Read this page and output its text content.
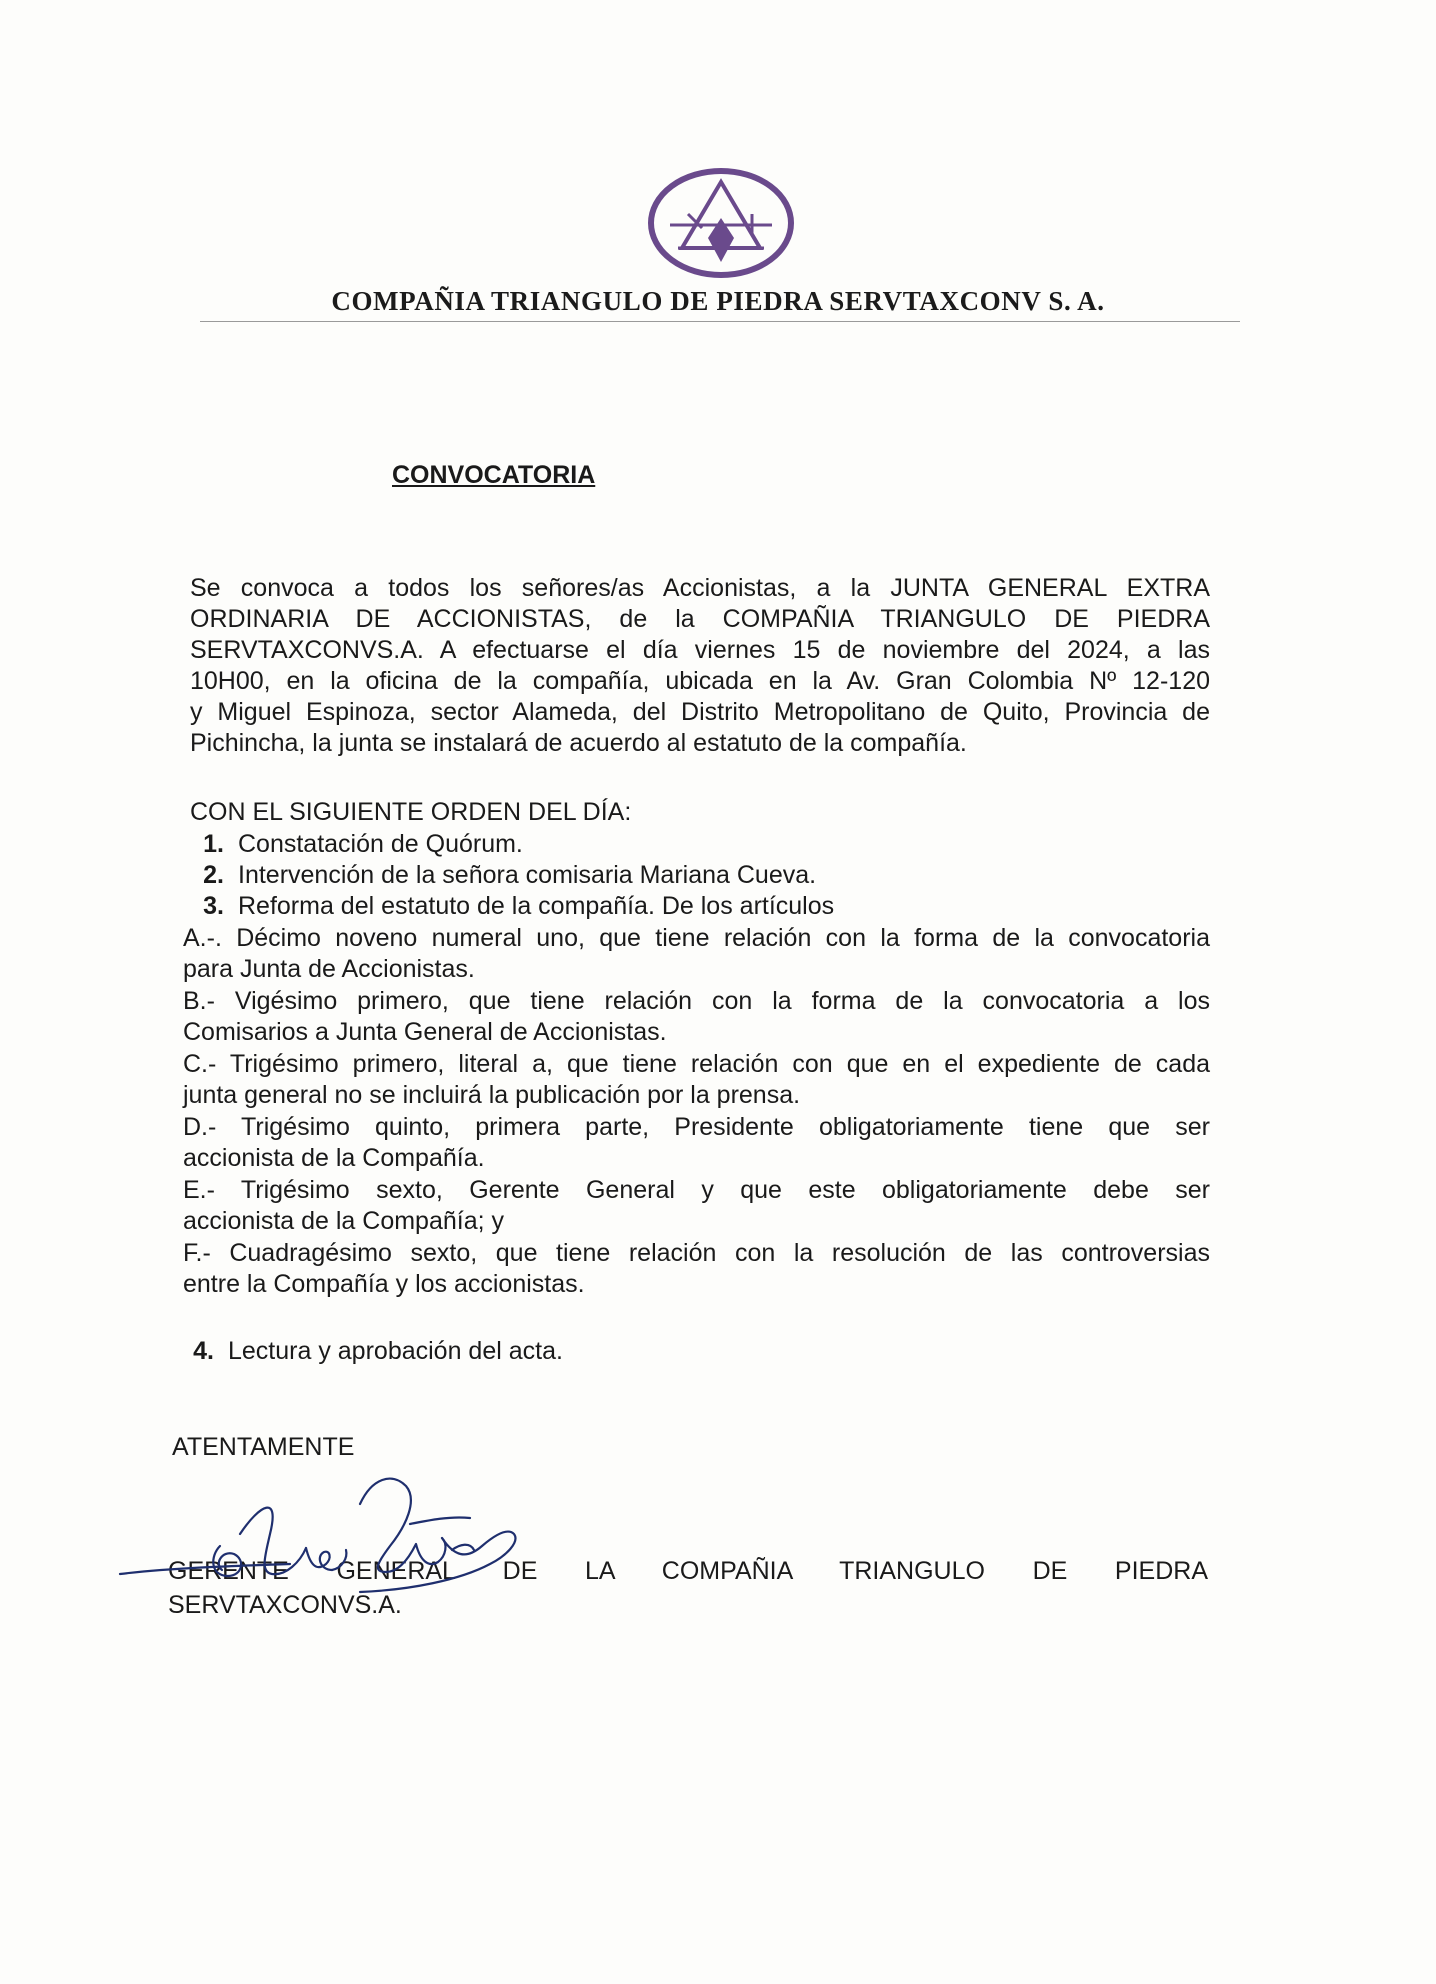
COMPAÑIA TRIANGULO DE PIEDRA SERVTAXCONV S. A.
CONVOCATORIA
Se convoca a todos los señores/as Accionistas, a la JUNTA GENERAL EXTRA
ORDINARIA DE ACCIONISTAS, de la COMPAÑIA TRIANGULO DE PIEDRA
SERVTAXCONVS.A. A efectuarse el día viernes 15 de noviembre del 2024, a las
10H00, en la oficina de la compañía, ubicada en la Av. Gran Colombia Nº 12-120
y Miguel Espinoza, sector Alameda, del Distrito Metropolitano de Quito, Provincia de
Pichincha, la junta se instalará de acuerdo al estatuto de la compañía.
CON EL SIGUIENTE ORDEN DEL DÍA:
1. Constatación de Quórum.
2. Intervención de la señora comisaria Mariana Cueva.
3. Reforma del estatuto de la compañía. De los artículos
A.-. Décimo noveno numeral uno, que tiene relación con la forma de la convocatoria
para Junta de Accionistas.
B.- Vigésimo primero, que tiene relación con la forma de la convocatoria a los
Comisarios a Junta General de Accionistas.
C.- Trigésimo primero, literal a, que tiene relación con que en el expediente de cada
junta general no se incluirá la publicación por la prensa.
D.- Trigésimo quinto, primera parte, Presidente obligatoriamente tiene que ser
accionista de la Compañía.
E.- Trigésimo sexto, Gerente General y que este obligatoriamente debe ser
accionista de la Compañía; y
F.- Cuadragésimo sexto, que tiene relación con la resolución de las controversias
entre la Compañía y los accionistas.
4. Lectura y aprobación del acta.
ATENTAMENTE
GERENTE GENERAL DE LA COMPAÑIA TRIANGULO DE PIEDRA
SERVTAXCONVS.A.
